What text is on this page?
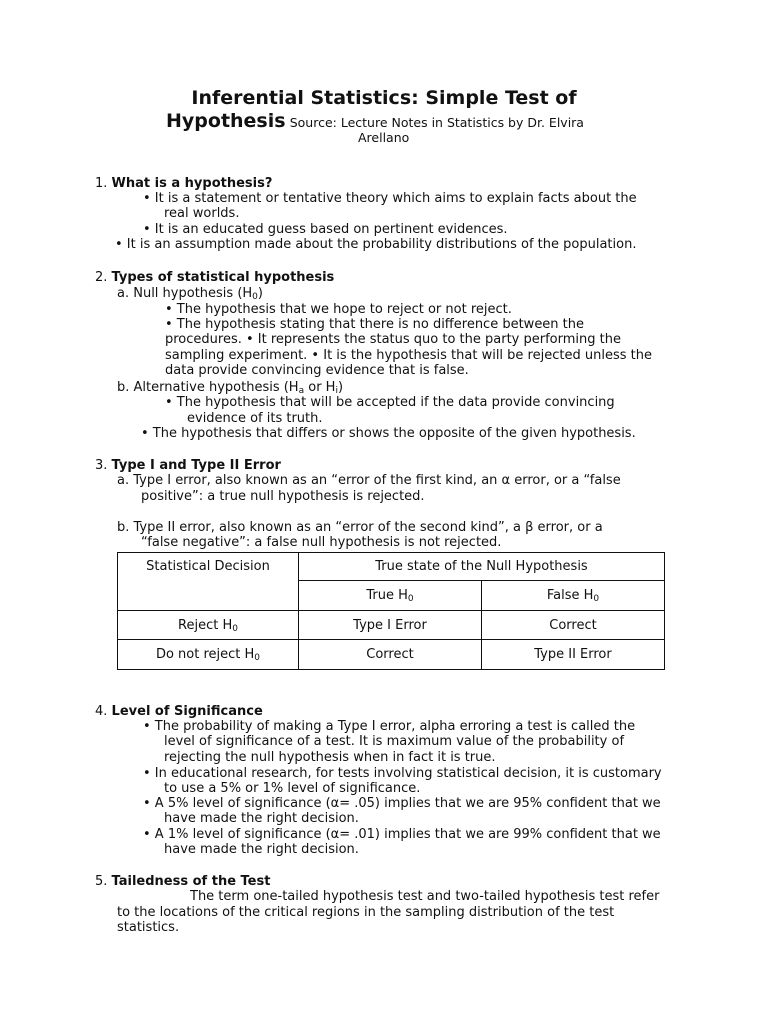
Inferential Statistics: Simple Test of
Hypothesis Source: Lecture Notes in Statistics by Dr. Elvira
Arellano
1. What is a hypothesis?
• It is a statement or tentative theory which aims to explain facts about the
real worlds.
• It is an educated guess based on pertinent evidences.
• It is an assumption made about the probability distributions of the population.
2. Types of statistical hypothesis
a. Null hypothesis $(H_0)$
• The hypothesis that we hope to reject or not reject.
• The hypothesis stating that there is no difference between the
procedures. • It represents the status quo to the party performing the
sampling experiment. • It is the hypothesis that will be rejected unless the
data provide convincing evidence that is false.
b. Alternative hypothesis ($H_a$ or $H_i$)
• The hypothesis that will be accepted if the data provide convincing
evidence of its truth.
• The hypothesis that differs or shows the opposite of the given hypothesis.
3. Type I and Type II Error
a. Type I error, also known as an “error of the first kind, an α error, or a “false
positive”: a true null hypothesis is rejected.
b. Type II error, also known as an “error of the second kind”, a β error, or a
“false negative”: a false null hypothesis is not rejected.
Statistical Decision	True state of the Null Hypothesis	
	True $H_0$	False $H_0$
Reject $H_0$	Type I Error	Correct
Do not reject $H_0$	Correct	Type II Error
4. Level of Significance
• The probability of making a Type I error, alpha erroring a test is called the
level of significance of a test. It is maximum value of the probability of
rejecting the null hypothesis when in fact it is true.
• In educational research, for tests involving statistical decision, it is customary
to use a 5% or 1% level of significance.
• A 5% level of significance (α= .05) implies that we are 95% confident that we
have made the right decision.
• A 1% level of significance (α= .01) implies that we are 99% confident that we
have made the right decision.
5. Tailedness of the Test
The term one-tailed hypothesis test and two-tailed hypothesis test refer
to the locations of the critical regions in the sampling distribution of the test
statistics.
